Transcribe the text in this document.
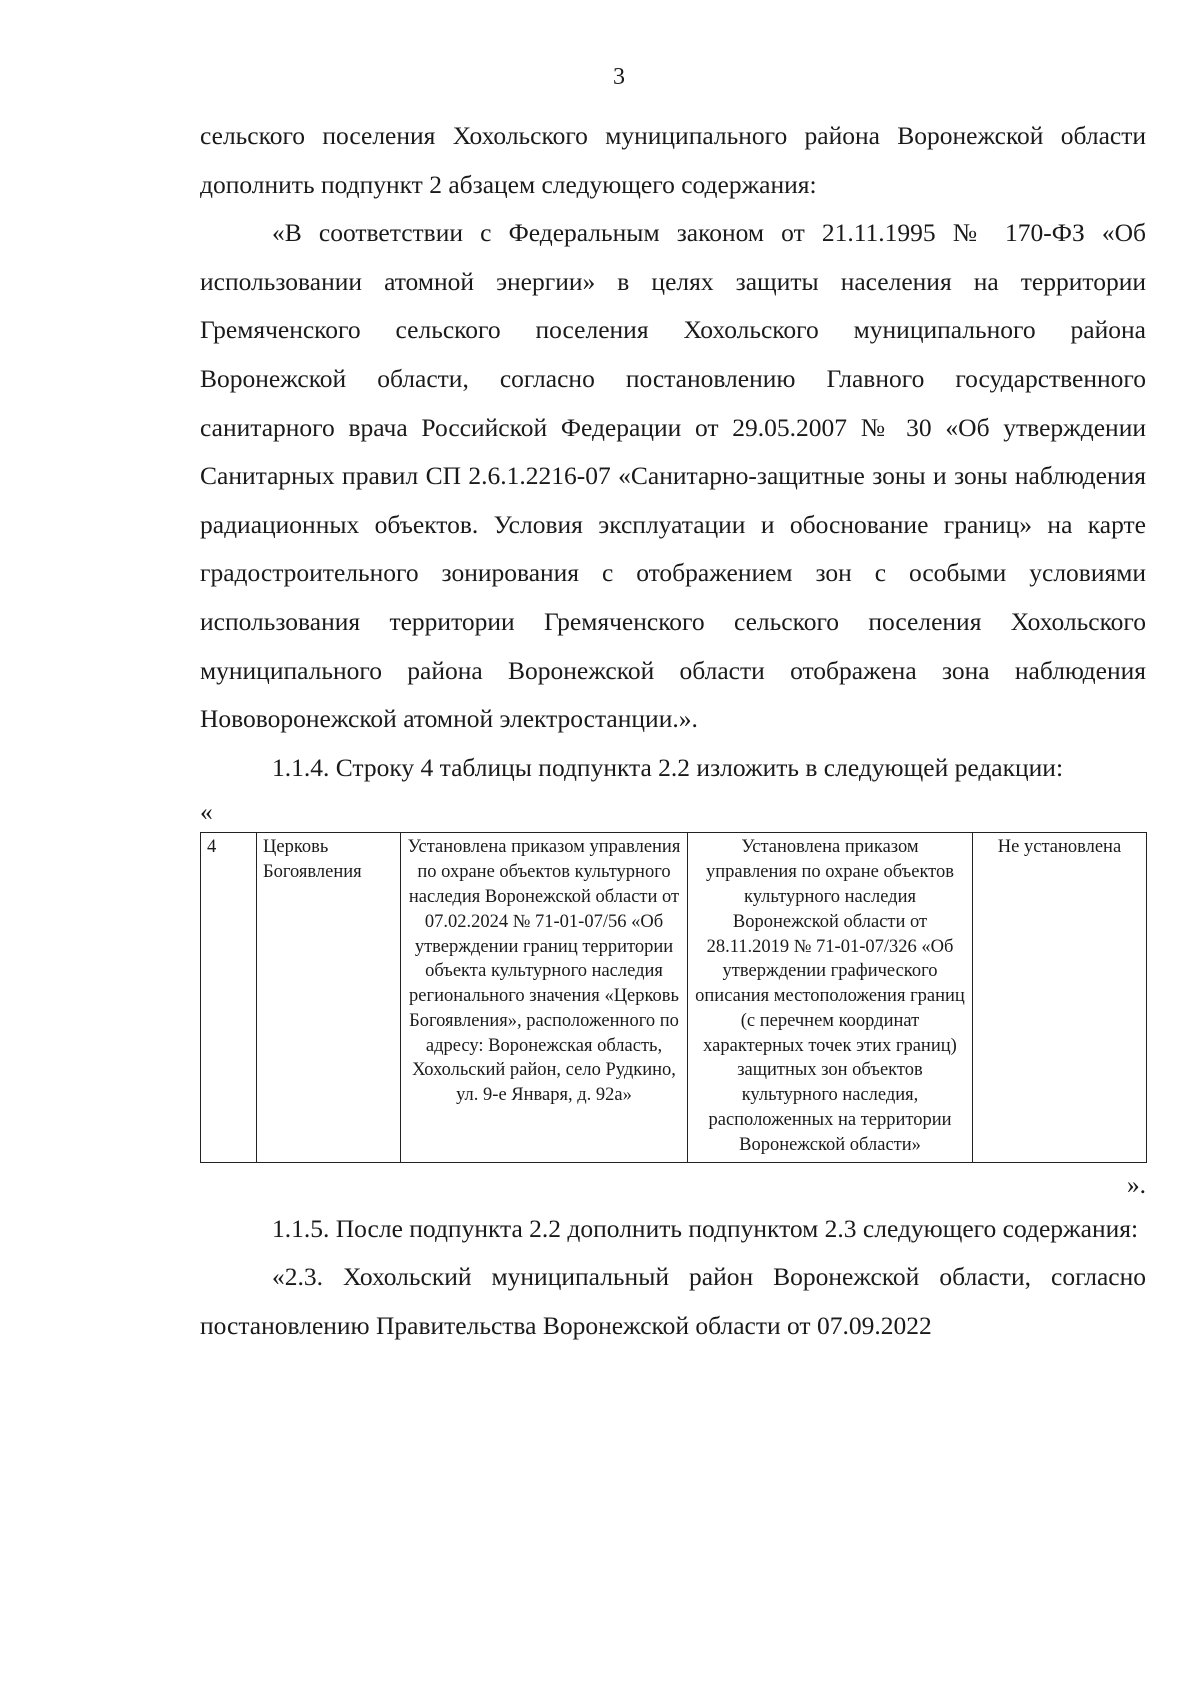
3

сельского поселения Хохольского муниципального района Воронежской области дополнить подпункт 2 абзацем следующего содержания:

«В соответствии с Федеральным законом от 21.11.1995 № 170-ФЗ «Об использовании атомной энергии» в целях защиты населения на территории Гремяченского сельского поселения Хохольского муниципального района Воронежской области, согласно постановлению Главного государственного санитарного врача Российской Федерации от 29.05.2007 № 30 «Об утверждении Санитарных правил СП 2.6.1.2216-07 «Санитарно-защитные зоны и зоны наблюдения радиационных объектов. Условия эксплуатации и обоснование границ» на карте градостроительного зонирования с отображением зон с особыми условиями использования территории Гремяченского сельского поселения Хохольского муниципального района Воронежской области отображена зона наблюдения Нововоронежской атомной электростанции.».

1.1.4. Строку 4 таблицы подпункта 2.2 изложить в следующей редакции:

«

4	Церковь Богоявления	Установлена приказом управления по охране объектов культурного наследия Воронежской области от 07.02.2024 № 71-01-07/56 «Об утверждении границ территории объекта культурного наследия регионального значения «Церковь Богоявления», расположенного по адресу: Воронежская область, Хохольский район, село Рудкино, ул. 9-е Января, д. 92а»	Установлена приказом управления по охране объектов культурного наследия Воронежской области от 28.11.2019 № 71-01-07/326 «Об утверждении графического описания местоположения границ (с перечнем координат характерных точек этих границ) защитных зон объектов культурного наследия, расположенных на территории Воронежской области»	Не установлена

».

1.1.5. После подпункта 2.2 дополнить подпунктом 2.3 следующего содержания:

«2.3. Хохольский муниципальный район Воронежской области, согласно постановлению Правительства Воронежской области от 07.09.2022
